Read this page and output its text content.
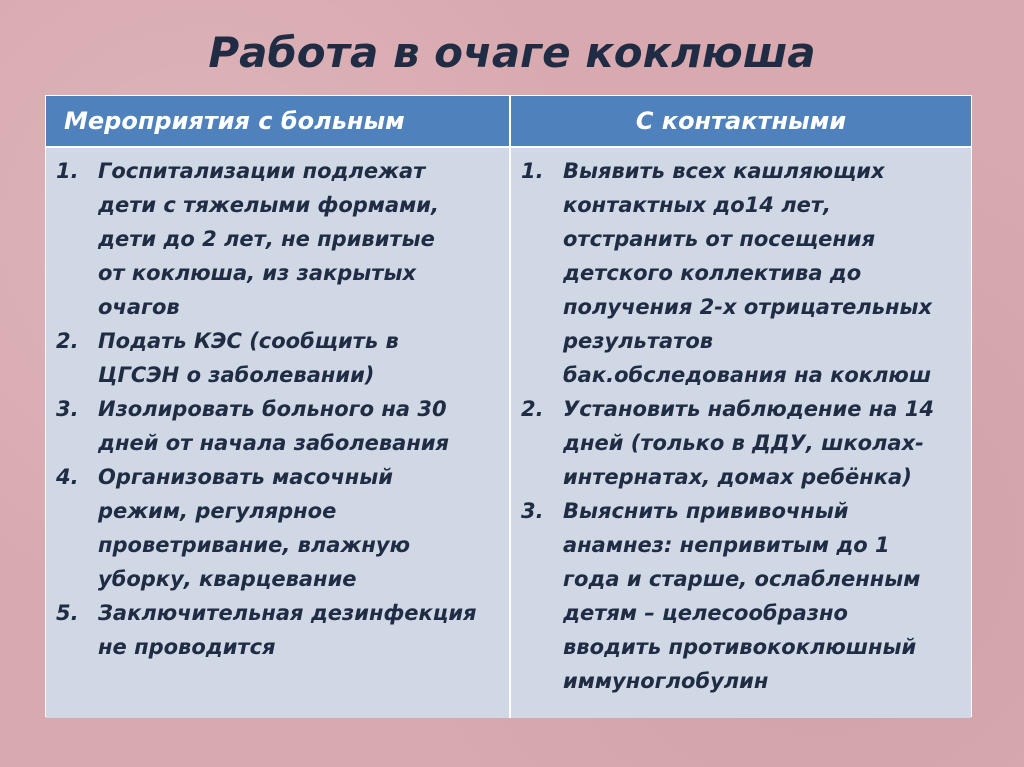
Работа в очаге коклюша
Мероприятия с больным	С контактными
1. Госпитализации подлежат
дети с тяжелыми формами,
дети до 2 лет, не привитые
от коклюша, из закрытых
очагов
2. Подать КЭС (сообщить в
ЦГСЭН о заболевании)
3. Изолировать больного на 30
дней от начала заболевания
4. Организовать масочный
режим, регулярное
проветривание, влажную
уборку, кварцевание
5. Заключительная дезинфекция
не проводится
1. Выявить всех кашляющих
контактных до14 лет,
отстранить от посещения
детского коллектива до
получения 2-х отрицательных
результатов
бак.обследования на коклюш
2. Установить наблюдение на 14
дней (только в ДДУ, школах-
интернатах, домах ребёнка)
3. Выяснить прививочный
анамнез: непривитым до 1
года и старше, ослабленным
детям – целесообразно
вводить противококлюшный
иммуноглобулин
